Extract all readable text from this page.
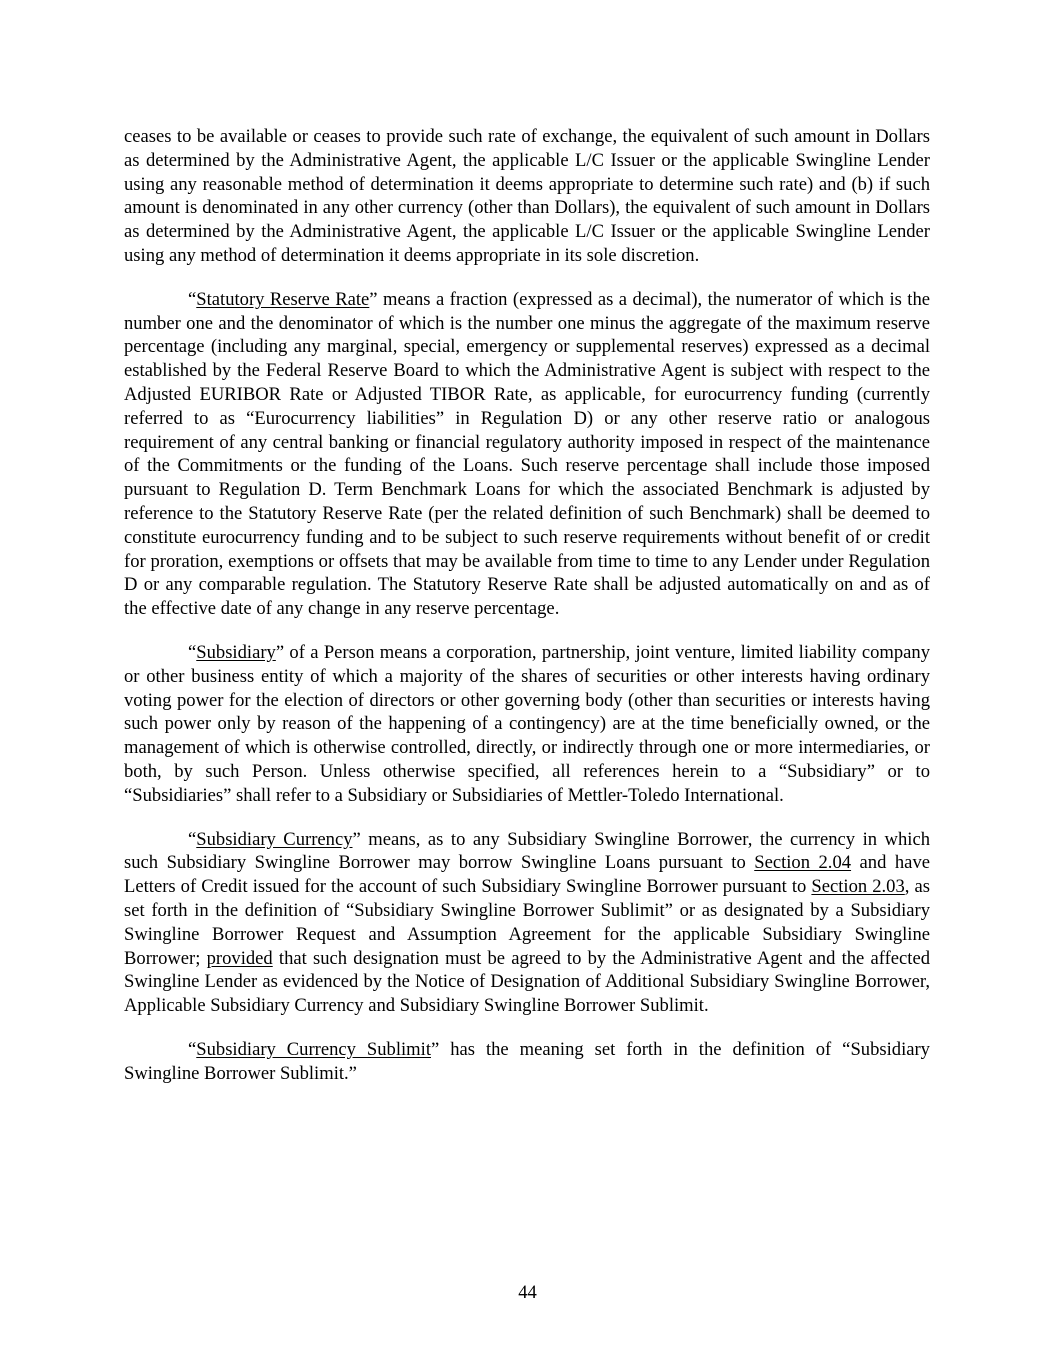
ceases to be available or ceases to provide such rate of exchange, the equivalent of such amount in Dollars as determined by the Administrative Agent, the applicable L/C Issuer or the applicable Swingline Lender using any reasonable method of determination it deems appropriate to determine such rate) and (b) if such amount is denominated in any other currency (other than Dollars), the equivalent of such amount in Dollars as determined by the Administrative Agent, the applicable L/C Issuer or the applicable Swingline Lender using any method of determination it deems appropriate in its sole discretion.

“Statutory Reserve Rate” means a fraction (expressed as a decimal), the numerator of which is the number one and the denominator of which is the number one minus the aggregate of the maximum reserve percentage (including any marginal, special, emergency or supplemental reserves) expressed as a decimal established by the Federal Reserve Board to which the Administrative Agent is subject with respect to the Adjusted EURIBOR Rate or Adjusted TIBOR Rate, as applicable, for eurocurrency funding (currently referred to as “Eurocurrency liabilities” in Regulation D) or any other reserve ratio or analogous requirement of any central banking or financial regulatory authority imposed in respect of the maintenance of the Commitments or the funding of the Loans. Such reserve percentage shall include those imposed pursuant to Regulation D. Term Benchmark Loans for which the associated Benchmark is adjusted by reference to the Statutory Reserve Rate (per the related definition of such Benchmark) shall be deemed to constitute eurocurrency funding and to be subject to such reserve requirements without benefit of or credit for proration, exemptions or offsets that may be available from time to time to any Lender under Regulation D or any comparable regulation. The Statutory Reserve Rate shall be adjusted automatically on and as of the effective date of any change in any reserve percentage.

“Subsidiary” of a Person means a corporation, partnership, joint venture, limited liability company or other business entity of which a majority of the shares of securities or other interests having ordinary voting power for the election of directors or other governing body (other than securities or interests having such power only by reason of the happening of a contingency) are at the time beneficially owned, or the management of which is otherwise controlled, directly, or indirectly through one or more intermediaries, or both, by such Person. Unless otherwise specified, all references herein to a “Subsidiary” or to “Subsidiaries” shall refer to a Subsidiary or Subsidiaries of Mettler-Toledo International.

“Subsidiary Currency” means, as to any Subsidiary Swingline Borrower, the currency in which such Subsidiary Swingline Borrower may borrow Swingline Loans pursuant to Section 2.04 and have Letters of Credit issued for the account of such Subsidiary Swingline Borrower pursuant to Section 2.03, as set forth in the definition of “Subsidiary Swingline Borrower Sublimit” or as designated by a Subsidiary Swingline Borrower Request and Assumption Agreement for the applicable Subsidiary Swingline Borrower; provided that such designation must be agreed to by the Administrative Agent and the affected Swingline Lender as evidenced by the Notice of Designation of Additional Subsidiary Swingline Borrower, Applicable Subsidiary Currency and Subsidiary Swingline Borrower Sublimit.

“Subsidiary Currency Sublimit” has the meaning set forth in the definition of “Subsidiary Swingline Borrower Sublimit.”

44
